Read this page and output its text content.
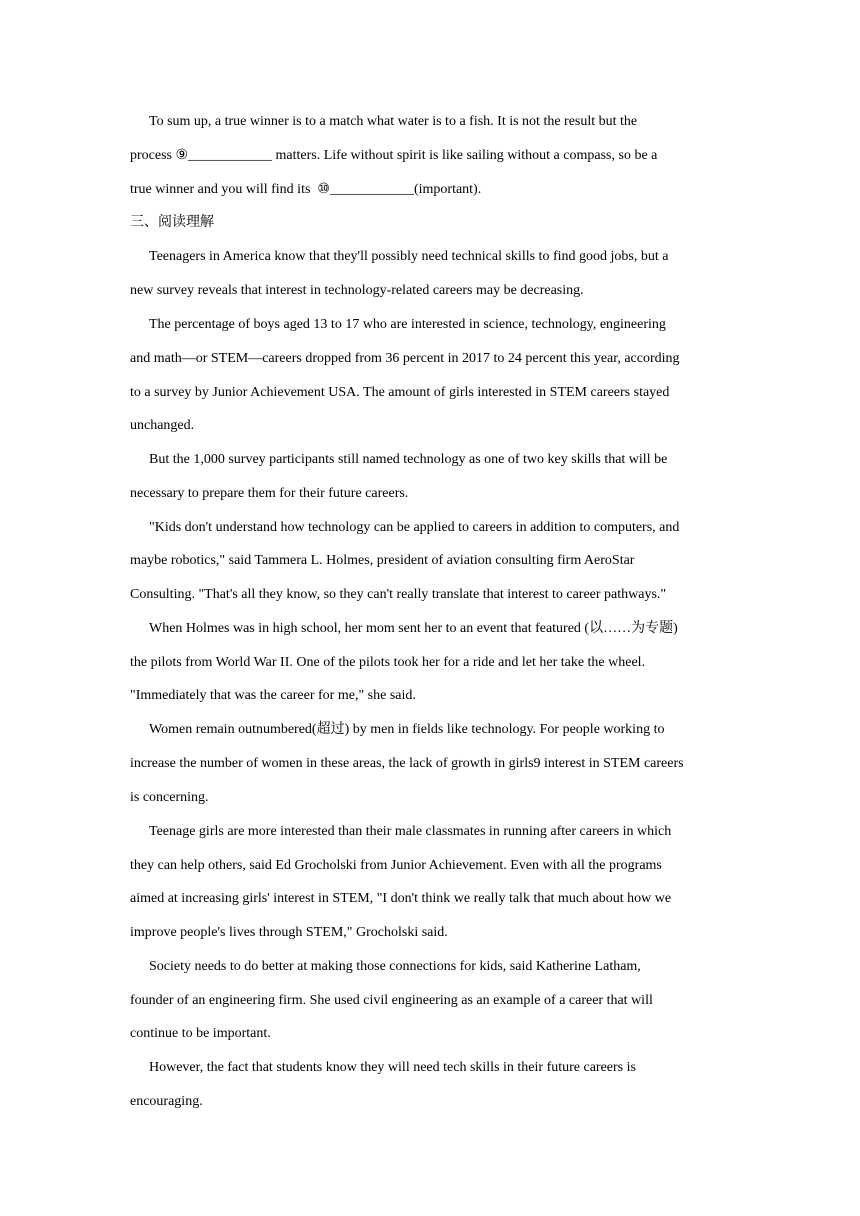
To sum up, a true winner is to a match what water is to a fish. It is not the result but the
process ⑨____________ matters. Life without spirit is like sailing without a compass, so be a
true winner and you will find its  ⑩____________(important).
三、阅读理解
Teenagers in America know that they'll possibly need technical skills to find good jobs, but a
new survey reveals that interest in technology-related careers may be decreasing.
The percentage of boys aged 13 to 17 who are interested in science, technology, engineering
and math—or STEM—careers dropped from 36 percent in 2017 to 24 percent this year, according
to a survey by Junior Achievement USA. The amount of girls interested in STEM careers stayed
unchanged.
But the 1,000 survey participants still named technology as one of two key skills that will be
necessary to prepare them for their future careers.
"Kids don't understand how technology can be applied to careers in addition to computers, and
maybe robotics," said Tammera L. Holmes, president of aviation consulting firm AeroStar
Consulting. "That's all they know, so they can't really translate that interest to career pathways."
When Holmes was in high school, her mom sent her to an event that featured (以……为专题)
the pilots from World War II. One of the pilots took her for a ride and let her take the wheel.
"Immediately that was the career for me," she said.
Women remain outnumbered(超过) by men in fields like technology. For people working to
increase the number of women in these areas, the lack of growth in girls9 interest in STEM careers
is concerning.
Teenage girls are more interested than their male classmates in running after careers in which
they can help others, said Ed Grocholski from Junior Achievement. Even with all the programs
aimed at increasing girls' interest in STEM, "I don't think we really talk that much about how we
improve people's lives through STEM," Grocholski said.
Society needs to do better at making those connections for kids, said Katherine Latham,
founder of an engineering firm. She used civil engineering as an example of a career that will
continue to be important.
However, the fact that students know they will need tech skills in their future careers is
encouraging.
